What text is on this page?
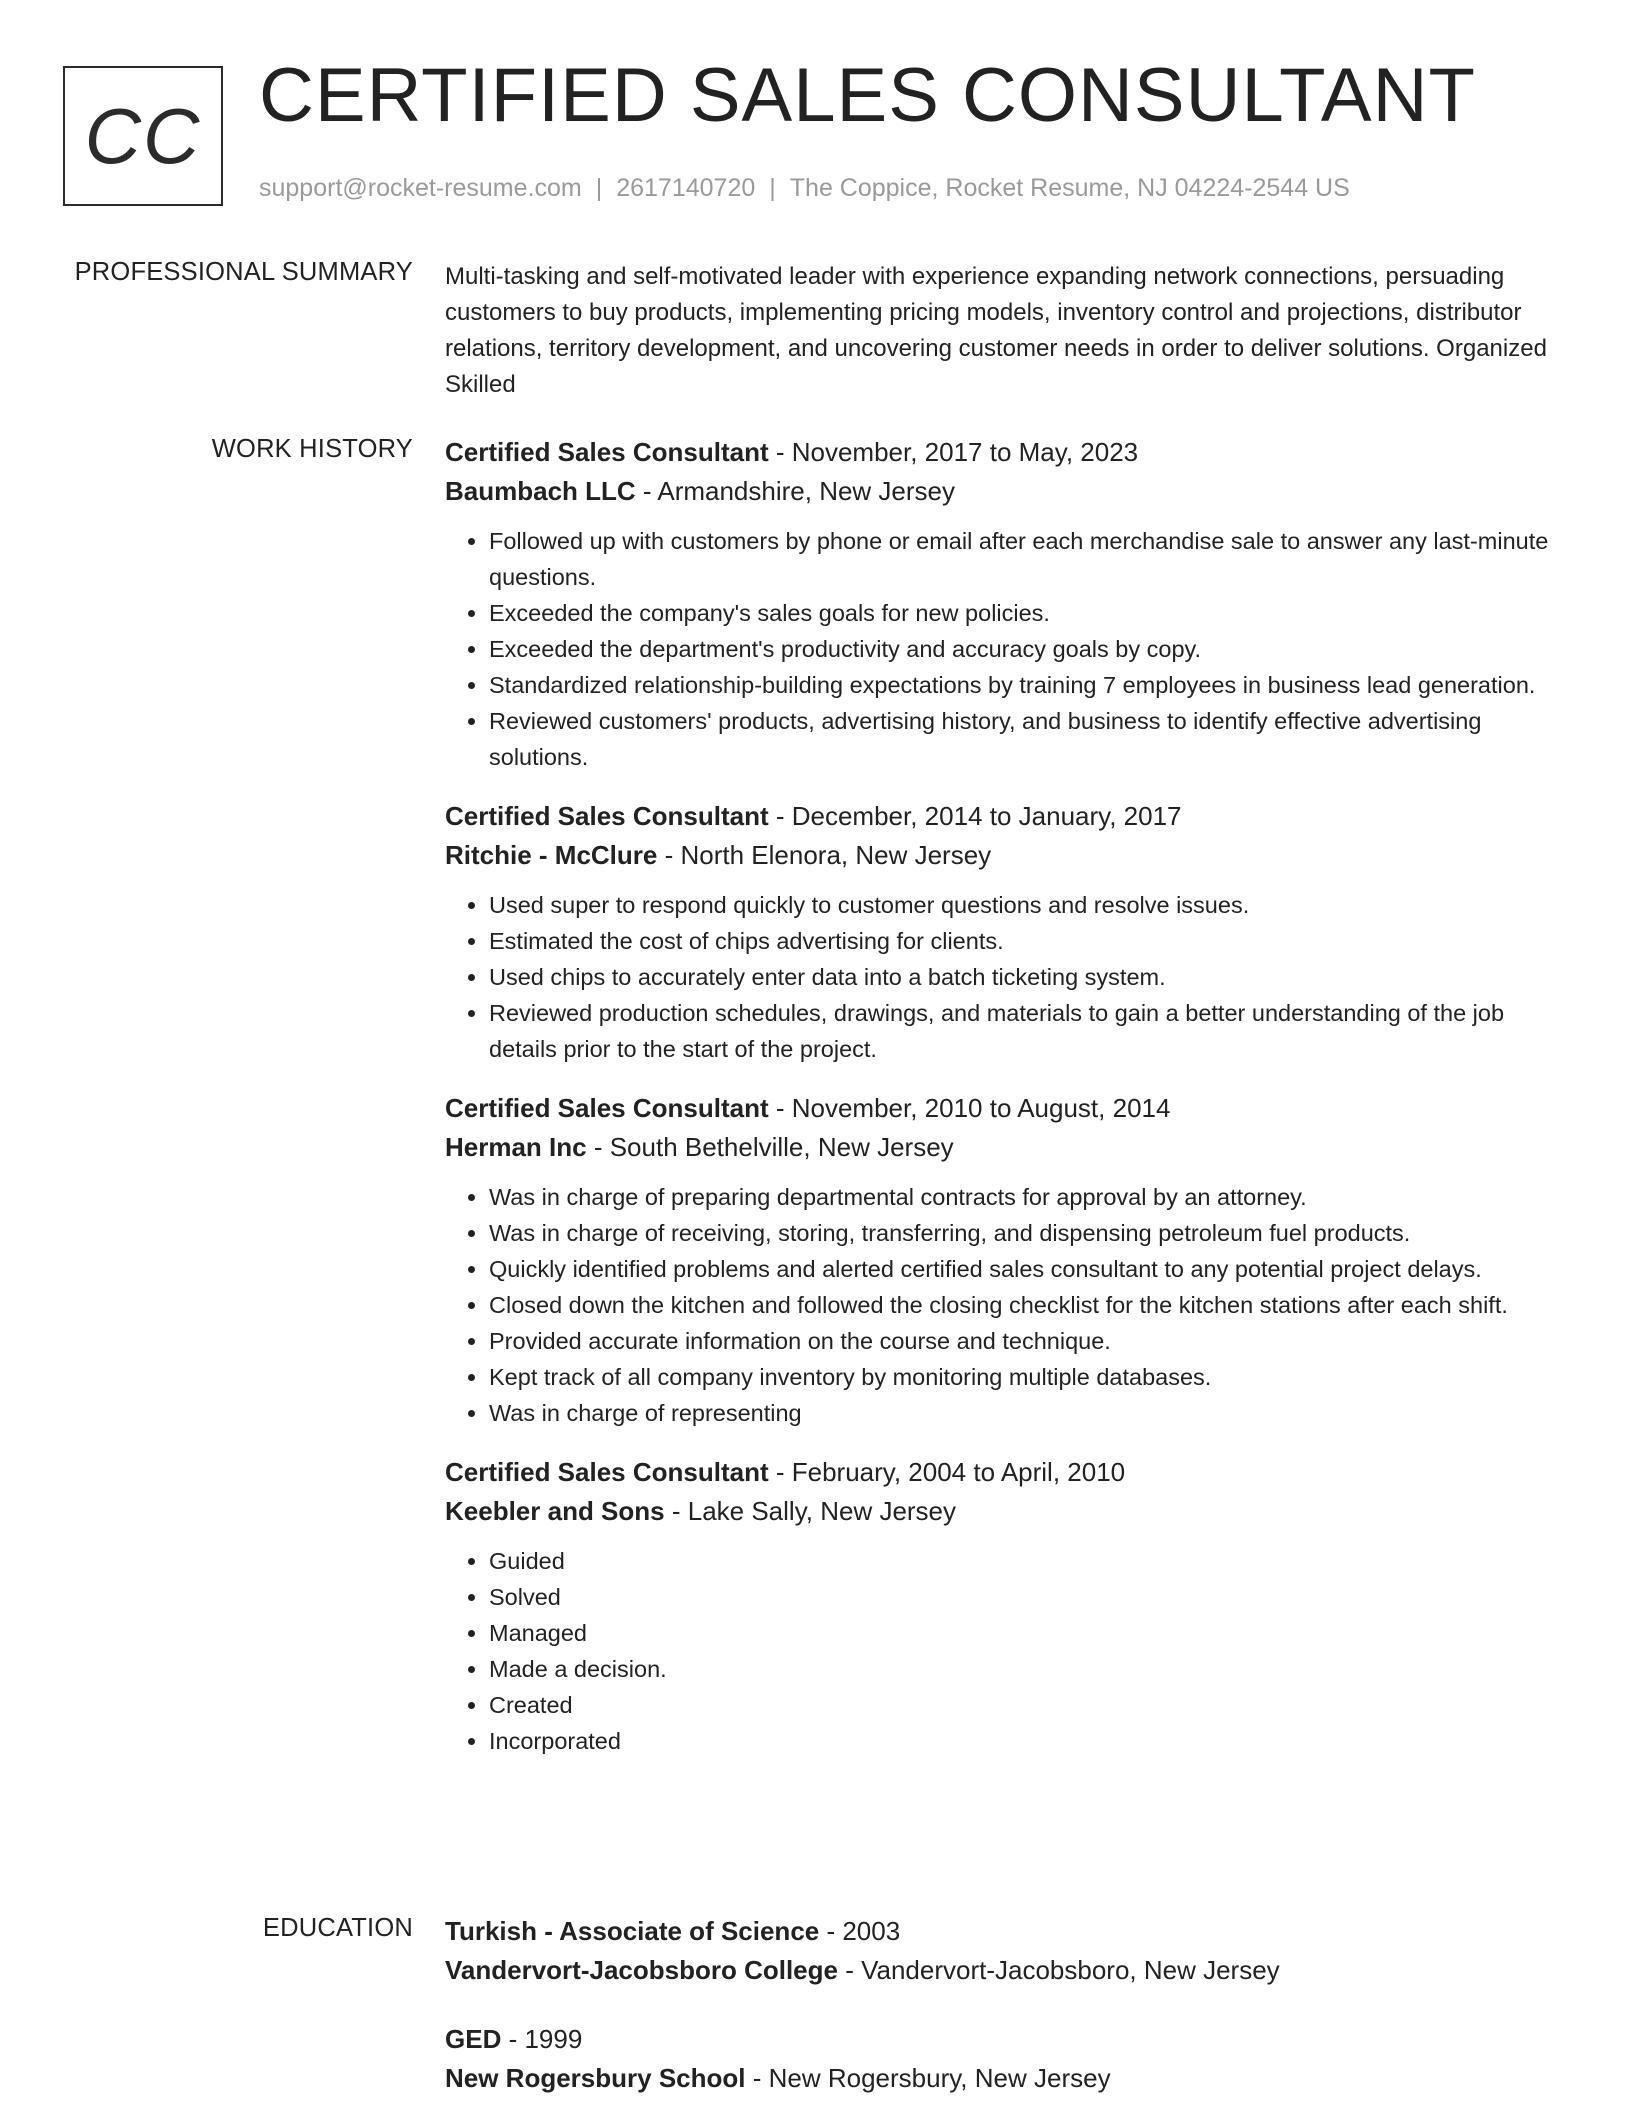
CC CERTIFIED SALES CONSULTANT
support@rocket-resume.com | 2617140720 | The Coppice, Rocket Resume, NJ 04224-2544 US
PROFESSIONAL SUMMARY Multi-tasking and self-motivated leader with experience expanding network connections, persuading customers to buy products, implementing pricing models, inventory control and projections, distributor relations, territory development, and uncovering customer needs in order to deliver solutions. Organized Skilled

WORK HISTORY Certified Sales Consultant - November, 2017 to May, 2023
Baumbach LLC - Armandshire, New Jersey
• Followed up with customers by phone or email after each merchandise sale to answer any last-minute questions.
• Exceeded the company's sales goals for new policies.
• Exceeded the department's productivity and accuracy goals by copy.
• Standardized relationship-building expectations by training 7 employees in business lead generation.
• Reviewed customers' products, advertising history, and business to identify effective advertising solutions.
Certified Sales Consultant - December, 2014 to January, 2017
Ritchie - McClure - North Elenora, New Jersey
• Used super to respond quickly to customer questions and resolve issues.
• Estimated the cost of chips advertising for clients.
• Used chips to accurately enter data into a batch ticketing system.
• Reviewed production schedules, drawings, and materials to gain a better understanding of the job details prior to the start of the project.
Certified Sales Consultant - November, 2010 to August, 2014
Herman Inc - South Bethelville, New Jersey
• Was in charge of preparing departmental contracts for approval by an attorney.
• Was in charge of receiving, storing, transferring, and dispensing petroleum fuel products.
• Quickly identified problems and alerted certified sales consultant to any potential project delays.
• Closed down the kitchen and followed the closing checklist for the kitchen stations after each shift.
• Provided accurate information on the course and technique.
• Kept track of all company inventory by monitoring multiple databases.
• Was in charge of representing
Certified Sales Consultant - February, 2004 to April, 2010
Keebler and Sons - Lake Sally, New Jersey
• Guided
• Solved
• Managed
• Made a decision.
• Created
• Incorporated
EDUCATION Turkish - Associate of Science - 2003
Vandervort-Jacobsboro College - Vandervort-Jacobsboro, New Jersey
GED - 1999
New Rogersbury School - New Rogersbury, New Jersey
